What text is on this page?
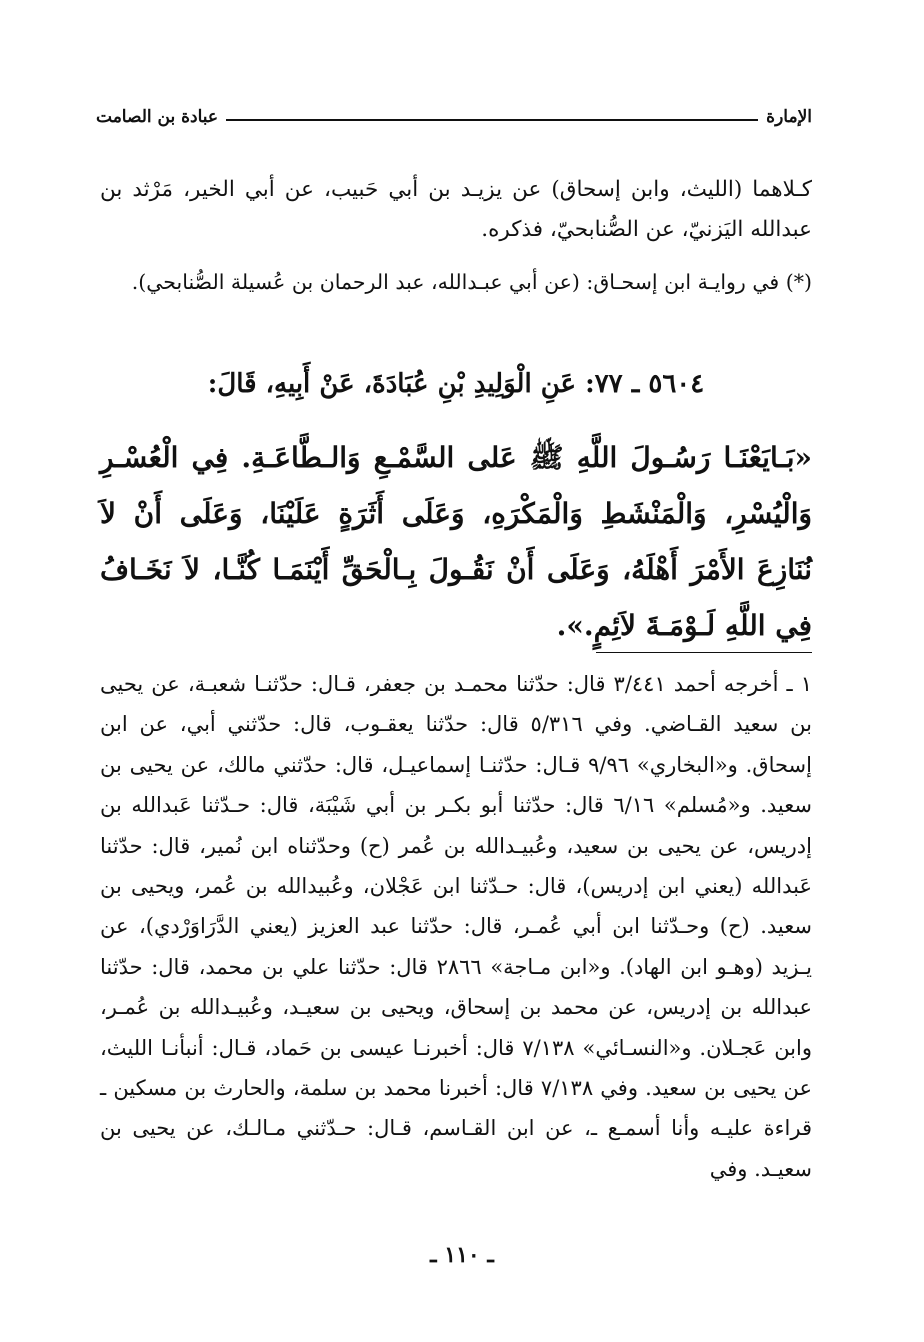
الإمارة
عبادة بن الصامت
كـلاهما (الليث، وابن إسحاق) عن يزيـد بن أبي حَبيب، عن أبي الخير، مَرْثد بن عبدالله اليَزنيّ، عن الصُّنابحيّ، فذكره.
(*) في روايـة ابن إسحـاق: (عن أبي عبـدالله، عبد الرحمان بن عُسيلة الصُّنابحي).
٥٦٠٤ ـ ٧٧: عَنِ الْوَلِيدِ بْنِ عُبَادَةَ، عَنْ أَبِيهِ، قَالَ:
«بَـايَعْنَـا رَسُـولَ اللَّهِ ﷺ عَلى السَّمْـعِ وَالـطَّاعَـةِ. فِي الْعُسْـرِ وَالْيُسْرِ، وَالْمَنْشَطِ وَالْمَكْرَهِ، وَعَلَى أَثَرَةٍ عَلَيْنَا، وَعَلَى أَنْ لاَ نُنَازِعَ الأَمْرَ أَهْلَهُ، وَعَلَى أَنْ نَقُـولَ بِـالْحَقِّ أَيْنَمَـا كُنَّـا، لاَ نَخَـافُ فِي اللَّهِ لَـوْمَـةَ لاَئِمٍ.».
١ ـ أخرجه أحمد ٣/٤٤١ قال: حدّثنا محمـد بن جعفر، قـال: حدّثنـا شعبـة، عن يحيى بن سعيد القـاضي. وفي ٥/٣١٦ قال: حدّثنا يعقـوب، قال: حدّثني أبي، عن ابن إسحاق. و«البخاري» ٩/٩٦ قـال: حدّثنـا إسماعيـل، قال: حدّثني مالك، عن يحيى بن سعيد. و«مُسلم» ٦/١٦ قال: حدّثنا أبو بكـر بن أبي شَيْبَة، قال: حـدّثنا عَبدالله بن إدريس، عن يحيى بن سعيد، وعُبيـدالله بن عُمر (ح) وحدّثناه ابن نُمير، قال: حدّثنا عَبدالله (يعني ابن إدريس)، قال: حـدّثنا ابن عَجْلان، وعُبيدالله بن عُمر، ويحيى بن سعيد. (ح) وحـدّثنا ابن أبي عُمـر، قال: حدّثنا عبد العزيز (يعني الدَّرَاوَرْدي)، عن يـزيد (وهـو ابن الهاد). و«ابن مـاجة» ٢٨٦٦ قال: حدّثنا علي بن محمد، قال: حدّثنا عبدالله بن إدريس، عن محمد بن إسحاق، ويحيى بن سعيـد، وعُبيـدالله بن عُمـر، وابن عَجـلان. و«النسـائي» ٧/١٣٨ قال: أخبرنـا عيسى بن حَماد، قـال: أنبأنـا الليث، عن يحيى بن سعيد. وفي ٧/١٣٨ قال: أخبرنا محمد بن سلمة، والحارث بن مسكين ـ قراءة عليـه وأنا أسمـع ـ، عن ابن القـاسم، قـال: حـدّثني مـالـك، عن يحيى بن سعيـد. وفي
ـ ١١٠ ـ
